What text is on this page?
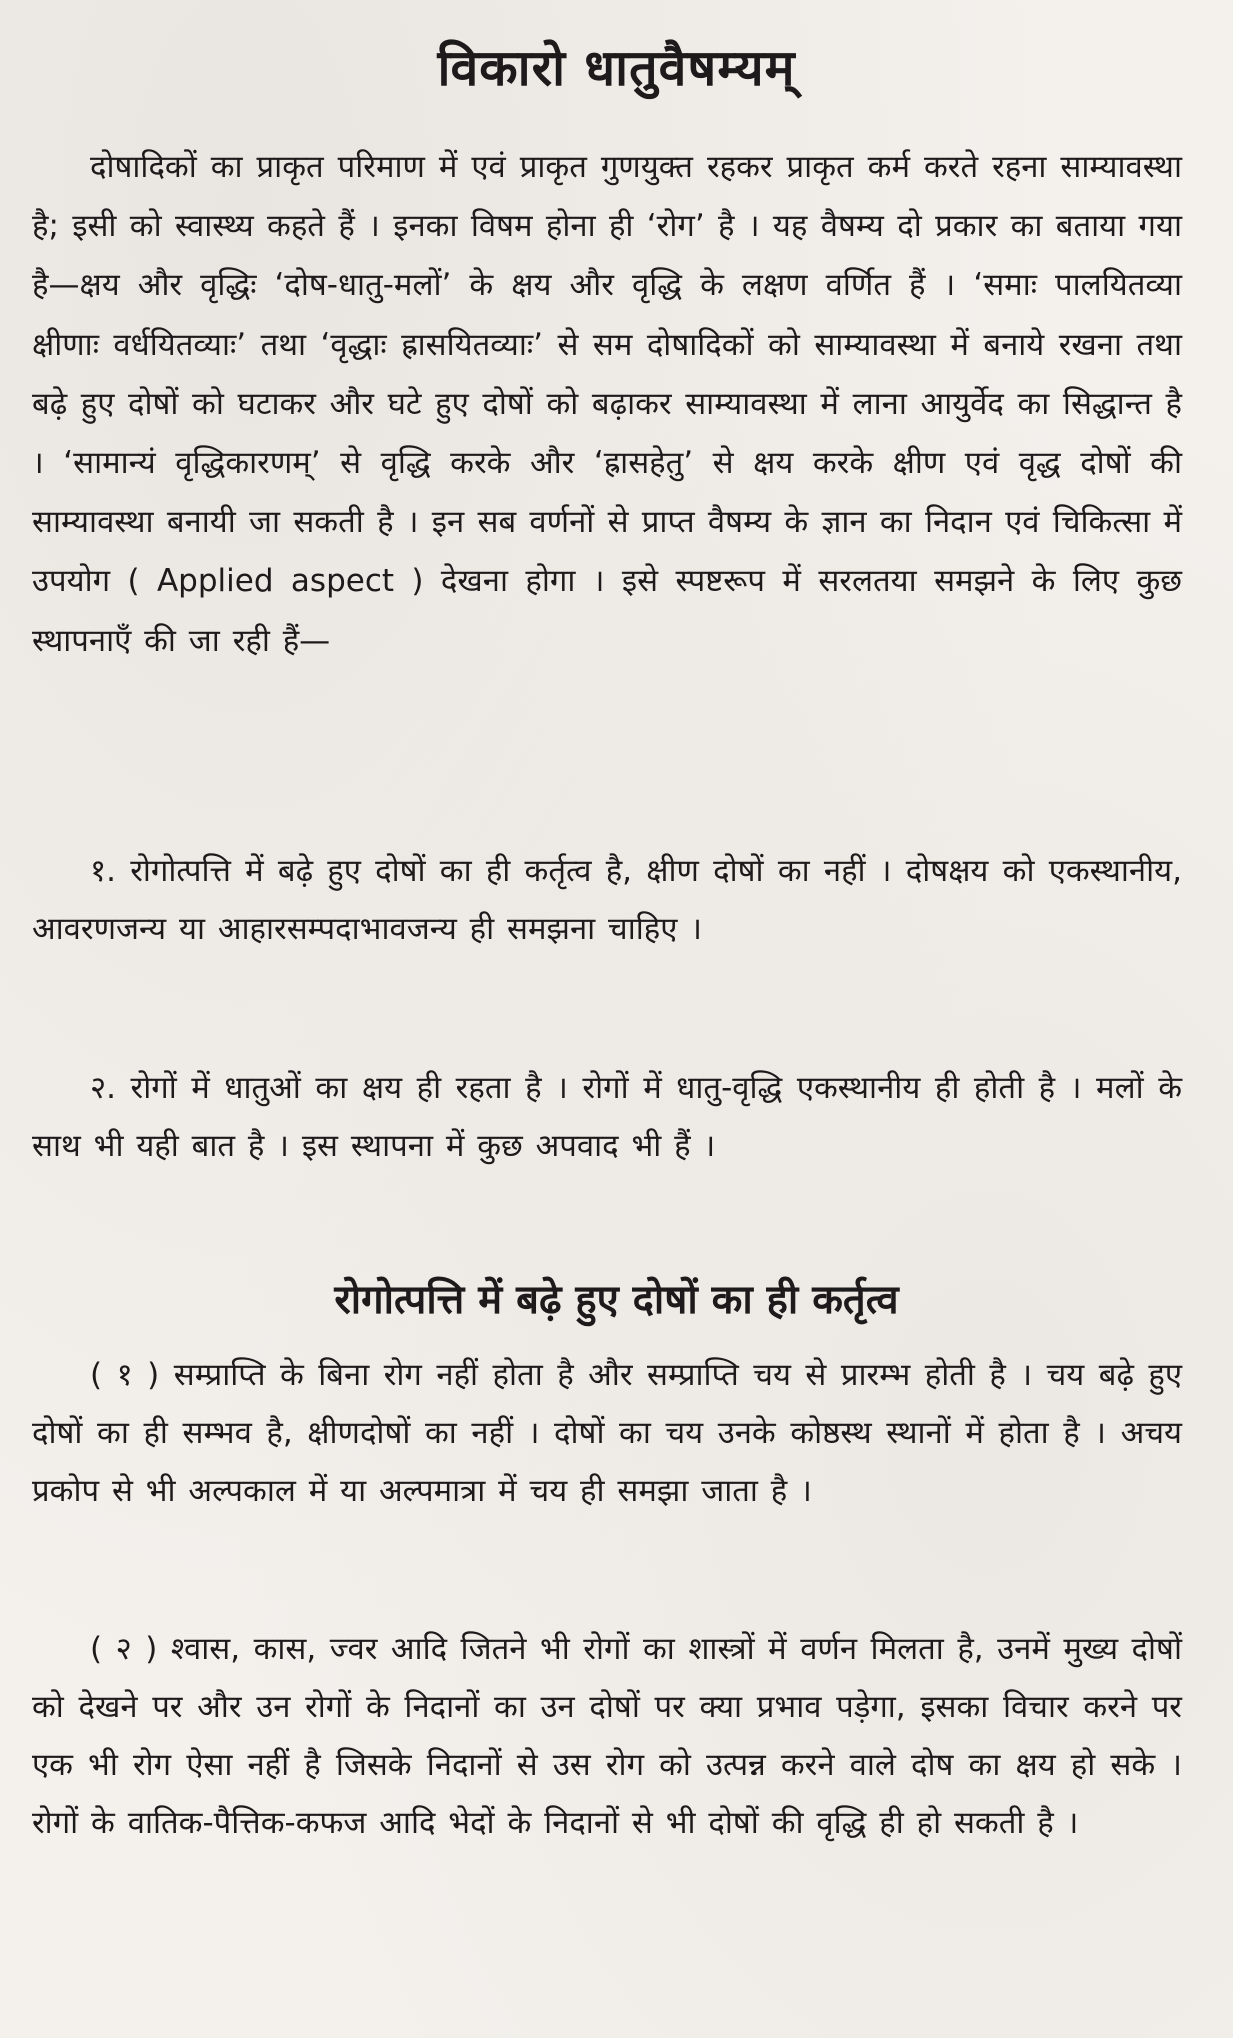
विकारो धातुवैषम्यम्

दोषादिकों का प्राकृत परिमाण में एवं प्राकृत गुणयुक्त रहकर प्राकृत कर्म करते रहना साम्यावस्था है; इसी को स्वास्थ्य कहते हैं । इनका विषम होना ही ‘रोग’ है । यह वैषम्य दो प्रकार का बताया गया है—क्षय और वृद्धिः ‘दोष-धातु-मलों’ के क्षय और वृद्धि के लक्षण वर्णित हैं । ‘समाः पालयितव्या क्षीणाः वर्धयितव्याः’ तथा ‘वृद्धाः ह्रासयितव्याः’ से सम दोषादिकों को साम्यावस्था में बनाये रखना तथा बढ़े हुए दोषों को घटाकर और घटे हुए दोषों को बढ़ाकर साम्यावस्था में लाना आयुर्वेद का सिद्धान्त है । ‘सामान्यं वृद्धिकारणम्’ से वृद्धि करके और ‘ह्रासहेतु’ से क्षय करके क्षीण एवं वृद्ध दोषों की साम्यावस्था बनायी जा सकती है । इन सब वर्णनों से प्राप्त वैषम्य के ज्ञान का निदान एवं चिकित्सा में उपयोग ( Applied aspect ) देखना होगा । इसे स्पष्टरूप में सरलतया समझने के लिए कुछ स्थापनाएँ की जा रही हैं—

१. रोगोत्पत्ति में बढ़े हुए दोषों का ही कर्तृत्व है, क्षीण दोषों का नहीं । दोषक्षय को एकस्थानीय, आवरणजन्य या आहारसम्पदाभावजन्य ही समझना चाहिए ।

२. रोगों में धातुओं का क्षय ही रहता है । रोगों में धातु-वृद्धि एकस्थानीय ही होती है । मलों के साथ भी यही बात है । इस स्थापना में कुछ अपवाद भी हैं ।

रोगोत्पत्ति में बढ़े हुए दोषों का ही कर्तृत्व

( १ ) सम्प्राप्ति के बिना रोग नहीं होता है और सम्प्राप्ति चय से प्रारम्भ होती है । चय बढ़े हुए दोषों का ही सम्भव है, क्षीणदोषों का नहीं । दोषों का चय उनके कोष्ठस्थ स्थानों में होता है । अचय प्रकोप से भी अल्पकाल में या अल्पमात्रा में चय ही समझा जाता है ।

( २ ) श्वास, कास, ज्वर आदि जितने भी रोगों का शास्त्रों में वर्णन मिलता है, उनमें मुख्य दोषों को देखने पर और उन रोगों के निदानों का उन दोषों पर क्या प्रभाव पड़ेगा, इसका विचार करने पर एक भी रोग ऐसा नहीं है जिसके निदानों से उस रोग को उत्पन्न करने वाले दोष का क्षय हो सके । रोगों के वातिक-पैत्तिक-कफज आदि भेदों के निदानों से भी दोषों की वृद्धि ही हो सकती है ।
